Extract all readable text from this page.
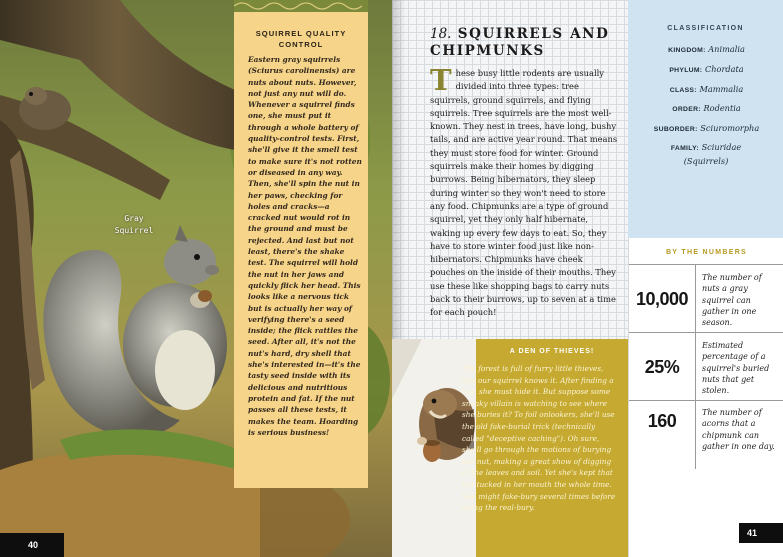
Gray Squirrel
SQUIRREL QUALITY CONTROL
Eastern gray squirrels (Sciurus carolinensis) are nuts about nuts. However, not just any nut will do. Whenever a squirrel finds one, she must put it through a whole battery of quality-control tests. First, she'll give it the smell test to make sure it's not rotten or diseased in any way. Then, she'll spin the nut in her paws, checking for holes and cracks—a cracked nut would rot in the ground and must be rejected. And last but not least, there's the shake test. The squirrel will hold the nut in her jaws and quickly flick her head. This looks like a nervous tick but is actually her way of verifying there's a seed inside; the flick rattles the seed. After all, it's not the nut's hard, dry shell that she's interested in—it's the tasty seed inside with its delicious and nutritious protein and fat. If the nut passes all these tests, it makes the team. Hoarding is serious business!
40
18. SQUIRRELS AND CHIPMUNKS
These busy little rodents are usually divided into three types: tree squirrels, ground squirrels, and flying squirrels. Tree squirrels are the most well-known. They nest in trees, have long, bushy tails, and are active year round. That means they must store food for winter. Ground squirrels make their homes by digging burrows. Being hibernators, they sleep during winter so they won't need to store any food. Chipmunks are a type of ground squirrel, yet they only half hibernate, waking up every few days to eat. So, they have to store winter food just like non-hibernators. Chipmunks have cheek pouches on the inside of their mouths. They use these like shopping bags to carry nuts back to their burrows, up to seven at a time for each pouch!
A DEN OF THIEVES!
The forest is full of furry little thieves, and our squirrel knows it. After finding a nut, she must hide it. But suppose some sneaky villain is watching to see where she buries it? To foil onlookers, she'll use the old fake-burial trick (technically called "deceptive caching"). Oh sure, she'll go through the motions of burying her nut, making a great show of digging in the leaves and soil. Yet she's kept that nut tucked in her mouth the whole time. She might fake-bury several times before doing the real-bury.
CLASSIFICATION
KINGDOM: Animalia
PHYLUM: Chordata
CLASS: Mammalia
ORDER: Rodentia
SUBORDER: Sciuromorpha
FAMILY: Sciuridae (Squirrels)
BY THE NUMBERS
10,000
The number of nuts a gray squirrel can gather in one season.
25%
Estimated percentage of a squirrel's buried nuts that get stolen.
160	The number of acorns that a chipmunk can gather in one day.
41
